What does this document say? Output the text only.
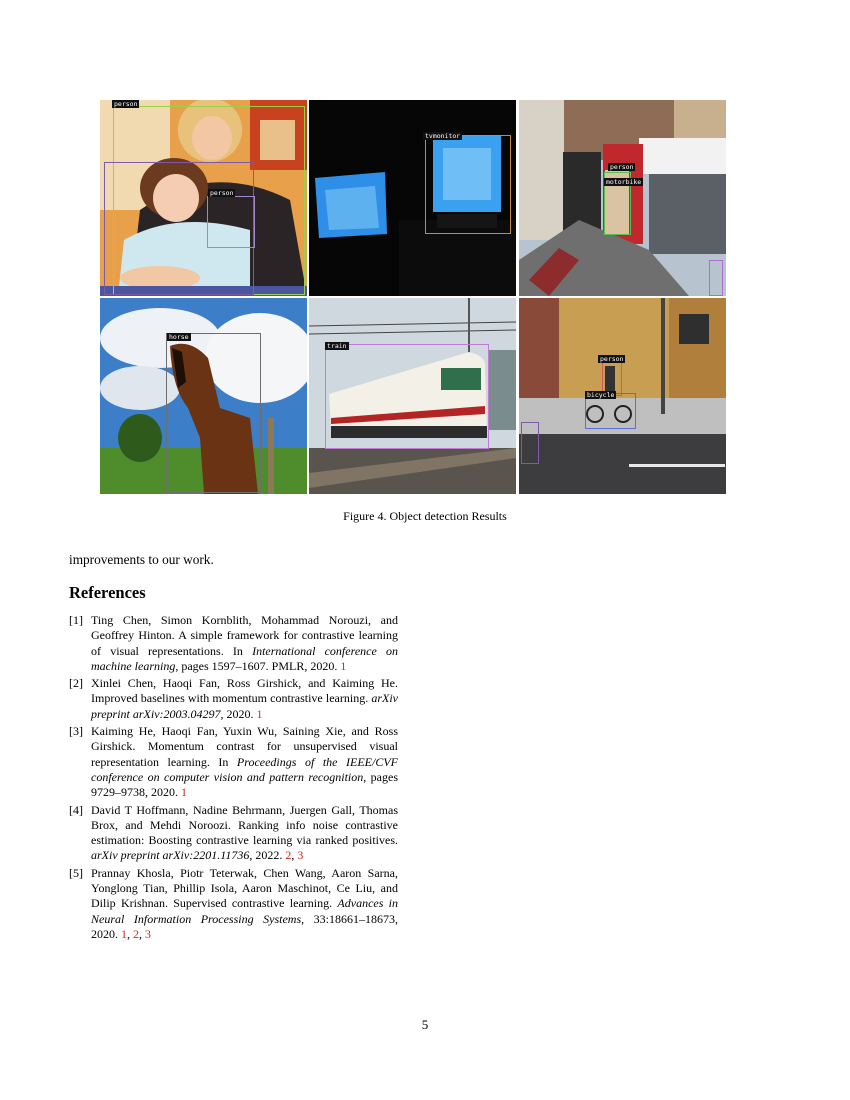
person
person
tvmonitor
person
motorbike
horse
train
person
bicycle
Figure 4. Object detection Results
improvements to our work.
References
[1] Ting Chen, Simon Kornblith, Mohammad Norouzi, and Geoffrey Hinton. A simple framework for contrastive learning of visual representations. In International conference on machine learning, pages 1597–1607. PMLR, 2020. 1
[2] Xinlei Chen, Haoqi Fan, Ross Girshick, and Kaiming He. Improved baselines with momentum contrastive learning. arXiv preprint arXiv:2003.04297, 2020. 1
[3] Kaiming He, Haoqi Fan, Yuxin Wu, Saining Xie, and Ross Girshick. Momentum contrast for unsupervised visual representation learning. In Proceedings of the IEEE/CVF conference on computer vision and pattern recognition, pages 9729–9738, 2020. 1
[4] David T Hoffmann, Nadine Behrmann, Juergen Gall, Thomas Brox, and Mehdi Noroozi. Ranking info noise contrastive estimation: Boosting contrastive learning via ranked positives. arXiv preprint arXiv:2201.11736, 2022. 2, 3
[5] Prannay Khosla, Piotr Teterwak, Chen Wang, Aaron Sarna, Yonglong Tian, Phillip Isola, Aaron Maschinot, Ce Liu, and Dilip Krishnan. Supervised contrastive learning. Advances in Neural Information Processing Systems, 33:18661–18673, 2020. 1, 2, 3
5
